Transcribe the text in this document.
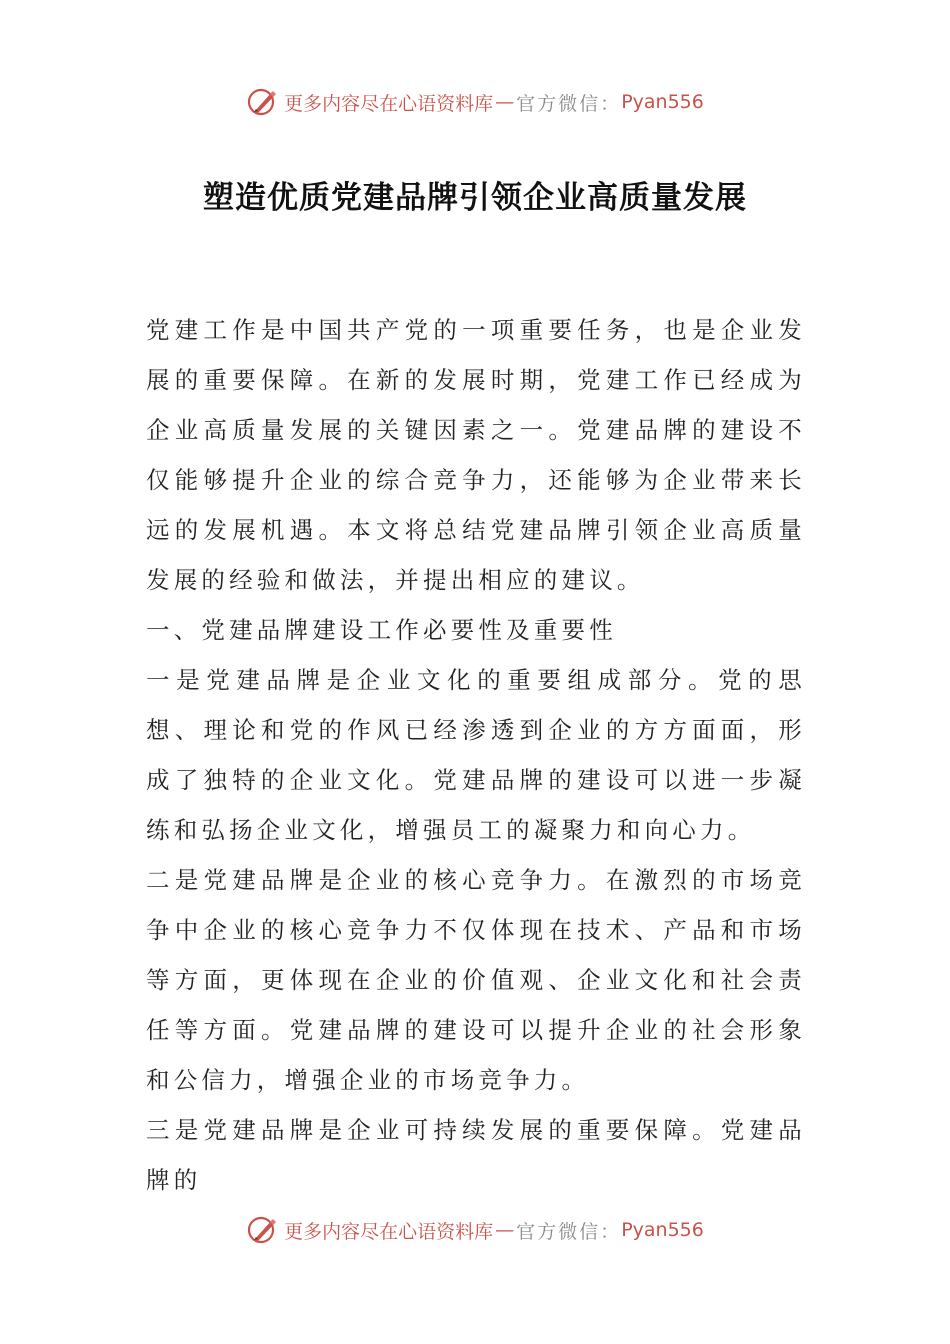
更多内容尽在心语资料库 — 官方微信： Pyan556
塑造优质党建品牌引领企业高质量发展

党建工作是中国共产党的一项重要任务，也是企业发展的重要保障。在新的发展时期，党建工作已经成为企业高质量发展的关键因素之一。党建品牌的建设不仅能够提升企业的综合竞争力，还能够为企业带来长远的发展机遇。本文将总结党建品牌引领企业高质量发展的经验和做法，并提出相应的建议。

一、党建品牌建设工作必要性及重要性

一是党建品牌是企业文化的重要组成部分。党的思想、理论和党的作风已经渗透到企业的方方面面，形成了独特的企业文化。党建品牌的建设可以进一步凝练和弘扬企业文化，增强员工的凝聚力和向心力。

二是党建品牌是企业的核心竞争力。在激烈的市场竞争中企业的核心竞争力不仅体现在技术、产品和市场等方面，更体现在企业的价值观、企业文化和社会责任等方面。党建品牌的建设可以提升企业的社会形象和公信力，增强企业的市场竞争力。

三是党建品牌是企业可持续发展的重要保障。党建品牌的

更多内容尽在心语资料库 — 官方微信： Pyan556
